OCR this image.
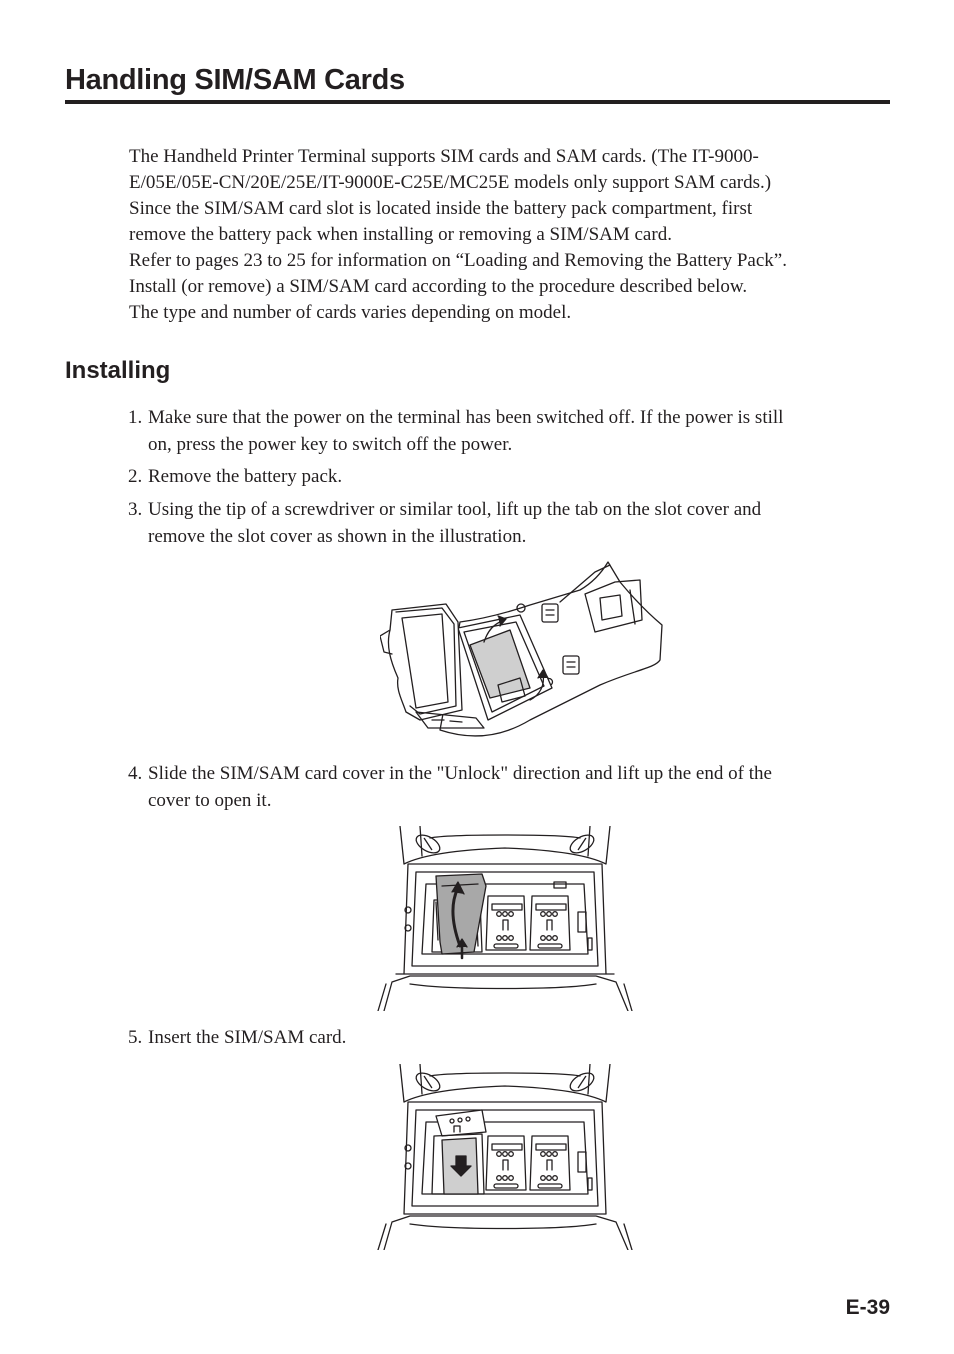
Handling SIM/SAM Cards

The Handheld Printer Terminal supports SIM cards and SAM cards. (The IT-9000-

E/05E/05E-CN/20E/25E/IT-9000E-C25E/MC25E models only support SAM cards.)

Since the SIM/SAM card slot is located inside the battery pack compartment, first

remove the battery pack when installing or removing a SIM/SAM card.

Refer to pages 23 to 25 for information on “Loading and Removing the Battery Pack”.

Install (or remove) a SIM/SAM card according to the procedure described below.

The type and number of cards varies depending on model.

Installing
1. Make sure that the power on the terminal has been switched off. If the power is still

on, press the power key to switch off the power.

2. Remove the battery pack.

3. Using the tip of a screwdriver or similar tool, lift up the tab on the slot cover and

remove the slot cover as shown in the illustration.

4. Slide the SIM/SAM card cover in the "Unlock" direction and lift up the end of the

cover to open it.

5. Insert the SIM/SAM card.

E-39
